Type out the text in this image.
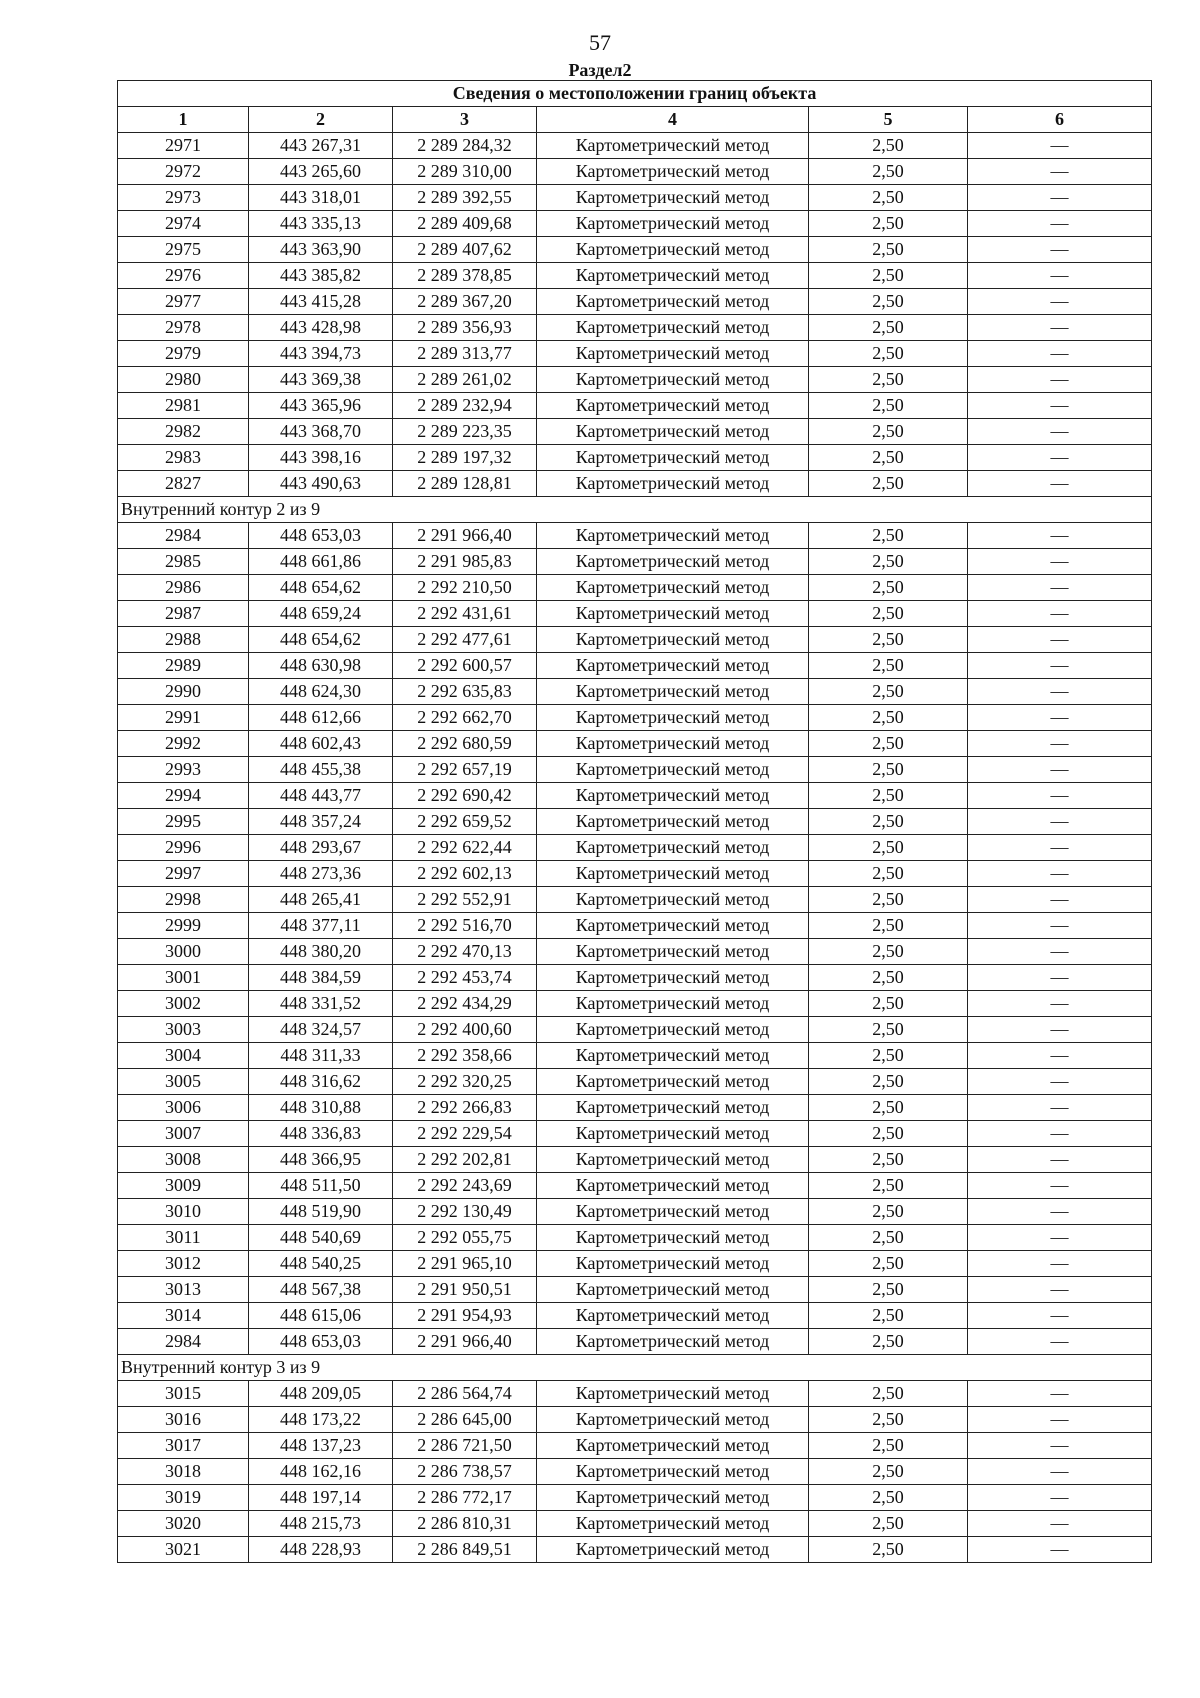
57
Раздел2
Сведения о местоположении границ объекта					
1	2	3	4	5	6
2971	443 267,31	2 289 284,32	Картометрический метод	2,50	—
2972	443 265,60	2 289 310,00	Картометрический метод	2,50	—
2973	443 318,01	2 289 392,55	Картометрический метод	2,50	—
2974	443 335,13	2 289 409,68	Картометрический метод	2,50	—
2975	443 363,90	2 289 407,62	Картометрический метод	2,50	—
2976	443 385,82	2 289 378,85	Картометрический метод	2,50	—
2977	443 415,28	2 289 367,20	Картометрический метод	2,50	—
2978	443 428,98	2 289 356,93	Картометрический метод	2,50	—
2979	443 394,73	2 289 313,77	Картометрический метод	2,50	—
2980	443 369,38	2 289 261,02	Картометрический метод	2,50	—
2981	443 365,96	2 289 232,94	Картометрический метод	2,50	—
2982	443 368,70	2 289 223,35	Картометрический метод	2,50	—
2983	443 398,16	2 289 197,32	Картометрический метод	2,50	—
2827	443 490,63	2 289 128,81	Картометрический метод	2,50	—
Внутренний контур 2 из 9					
2984	448 653,03	2 291 966,40	Картометрический метод	2,50	—
2985	448 661,86	2 291 985,83	Картометрический метод	2,50	—
2986	448 654,62	2 292 210,50	Картометрический метод	2,50	—
2987	448 659,24	2 292 431,61	Картометрический метод	2,50	—
2988	448 654,62	2 292 477,61	Картометрический метод	2,50	—
2989	448 630,98	2 292 600,57	Картометрический метод	2,50	—
2990	448 624,30	2 292 635,83	Картометрический метод	2,50	—
2991	448 612,66	2 292 662,70	Картометрический метод	2,50	—
2992	448 602,43	2 292 680,59	Картометрический метод	2,50	—
2993	448 455,38	2 292 657,19	Картометрический метод	2,50	—
2994	448 443,77	2 292 690,42	Картометрический метод	2,50	—
2995	448 357,24	2 292 659,52	Картометрический метод	2,50	—
2996	448 293,67	2 292 622,44	Картометрический метод	2,50	—
2997	448 273,36	2 292 602,13	Картометрический метод	2,50	—
2998	448 265,41	2 292 552,91	Картометрический метод	2,50	—
2999	448 377,11	2 292 516,70	Картометрический метод	2,50	—
3000	448 380,20	2 292 470,13	Картометрический метод	2,50	—
3001	448 384,59	2 292 453,74	Картометрический метод	2,50	—
3002	448 331,52	2 292 434,29	Картометрический метод	2,50	—
3003	448 324,57	2 292 400,60	Картометрический метод	2,50	—
3004	448 311,33	2 292 358,66	Картометрический метод	2,50	—
3005	448 316,62	2 292 320,25	Картометрический метод	2,50	—
3006	448 310,88	2 292 266,83	Картометрический метод	2,50	—
3007	448 336,83	2 292 229,54	Картометрический метод	2,50	—
3008	448 366,95	2 292 202,81	Картометрический метод	2,50	—
3009	448 511,50	2 292 243,69	Картометрический метод	2,50	—
3010	448 519,90	2 292 130,49	Картометрический метод	2,50	—
3011	448 540,69	2 292 055,75	Картометрический метод	2,50	—
3012	448 540,25	2 291 965,10	Картометрический метод	2,50	—
3013	448 567,38	2 291 950,51	Картометрический метод	2,50	—
3014	448 615,06	2 291 954,93	Картометрический метод	2,50	—
2984	448 653,03	2 291 966,40	Картометрический метод	2,50	—
Внутренний контур 3 из 9					
3015	448 209,05	2 286 564,74	Картометрический метод	2,50	—
3016	448 173,22	2 286 645,00	Картометрический метод	2,50	—
3017	448 137,23	2 286 721,50	Картометрический метод	2,50	—
3018	448 162,16	2 286 738,57	Картометрический метод	2,50	—
3019	448 197,14	2 286 772,17	Картометрический метод	2,50	—
3020	448 215,73	2 286 810,31	Картометрический метод	2,50	—
3021	448 228,93	2 286 849,51	Картометрический метод	2,50	—
